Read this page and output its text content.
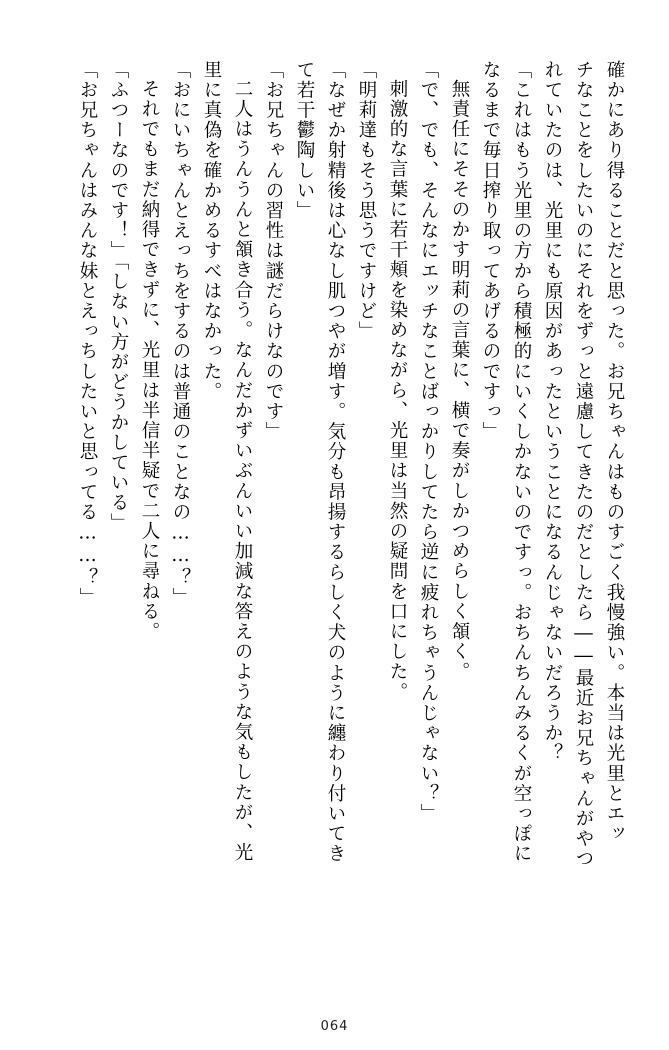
確かにあり得ることだと思った。お兄ちゃんはものすごく我慢強い。本当は光里とエッ
チなことをしたいのにそれをずっと遠慮してきたのだとしたら――最近お兄ちゃんがやつ
れていたのは、光里にも原因があったということになるんじゃないだろうか？
「これはもう光里の方から積極的にいくしかないのですっ。おちんちんみるくが空っぽに
なるまで毎日搾り取ってあげるのですっ」
無責任にそそのかす明莉の言葉に、横で奏がしかつめらしく頷く。
「で、でも、そんなにエッチなことばっかりしてたら逆に疲れちゃうんじゃない？」
刺激的な言葉に若干頬を染めながら、光里は当然の疑問を口にした。
「明莉達もそう思うですけど」
「なぜか射精後は心なし肌つやが増す。気分も昂揚するらしく犬のように纏わり付いてき
て若干鬱陶しい」
「お兄ちゃんの習性は謎だらけなのです」
二人はうんうんと頷き合う。なんだかずいぶんいい加減な答えのような気もしたが、光
里に真偽を確かめるすべはなかった。
「おにいちゃんとえっちをするのは普通のことなの……？」
それでもまだ納得できずに、光里は半信半疑で二人に尋ねる。
「ふつーなのです！」「しない方がどうかしている」
「お兄ちゃんはみんな妹とえっちしたいと思ってる……？」
064
